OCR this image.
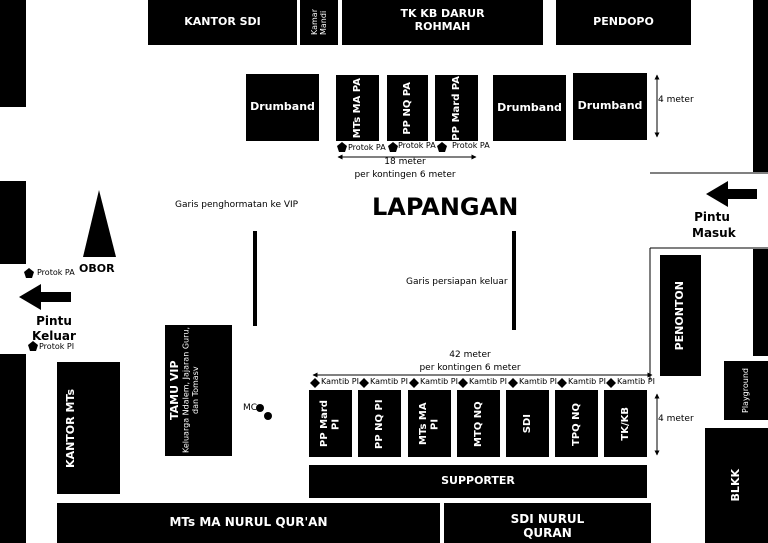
KANTOR SDI	Kamar Mandi	TK KB DARUR ROHMAH	PENDOPO
Drumband	MTs MA PA	PP NQ PA	PP Mard PA	Drumband Drumband
Protok PA Protok PA Protok PA
18 meter
per kontingen 6 meter
4 meter
LAPANGAN
Garis penghormatan ke VIP
Garis persiapan keluar
OBOR
Pintu Masuk
Protok PA
Pintu Keluar
Protok PI
KANTOR MTs	TAMU VIP Keluarga Ndalem, Jajaran Guru, dan Tomasv	MC
42 meter
per kontingen 6 meter
Kamtib PI Kamtib PI Kamtib PI Kamtib PI Kamtib PI Kamtib PI Kamtib PI
4 meter
PP Mard PI	PP NQ PI	MTs MA PI	MTQ NQ	SDI	TPQ NQ	TK/KB
SUPPORTER
MTs MA NURUL QUR'AN	SDI NURUL QURAN
PENONTON
Playground
BLKK
